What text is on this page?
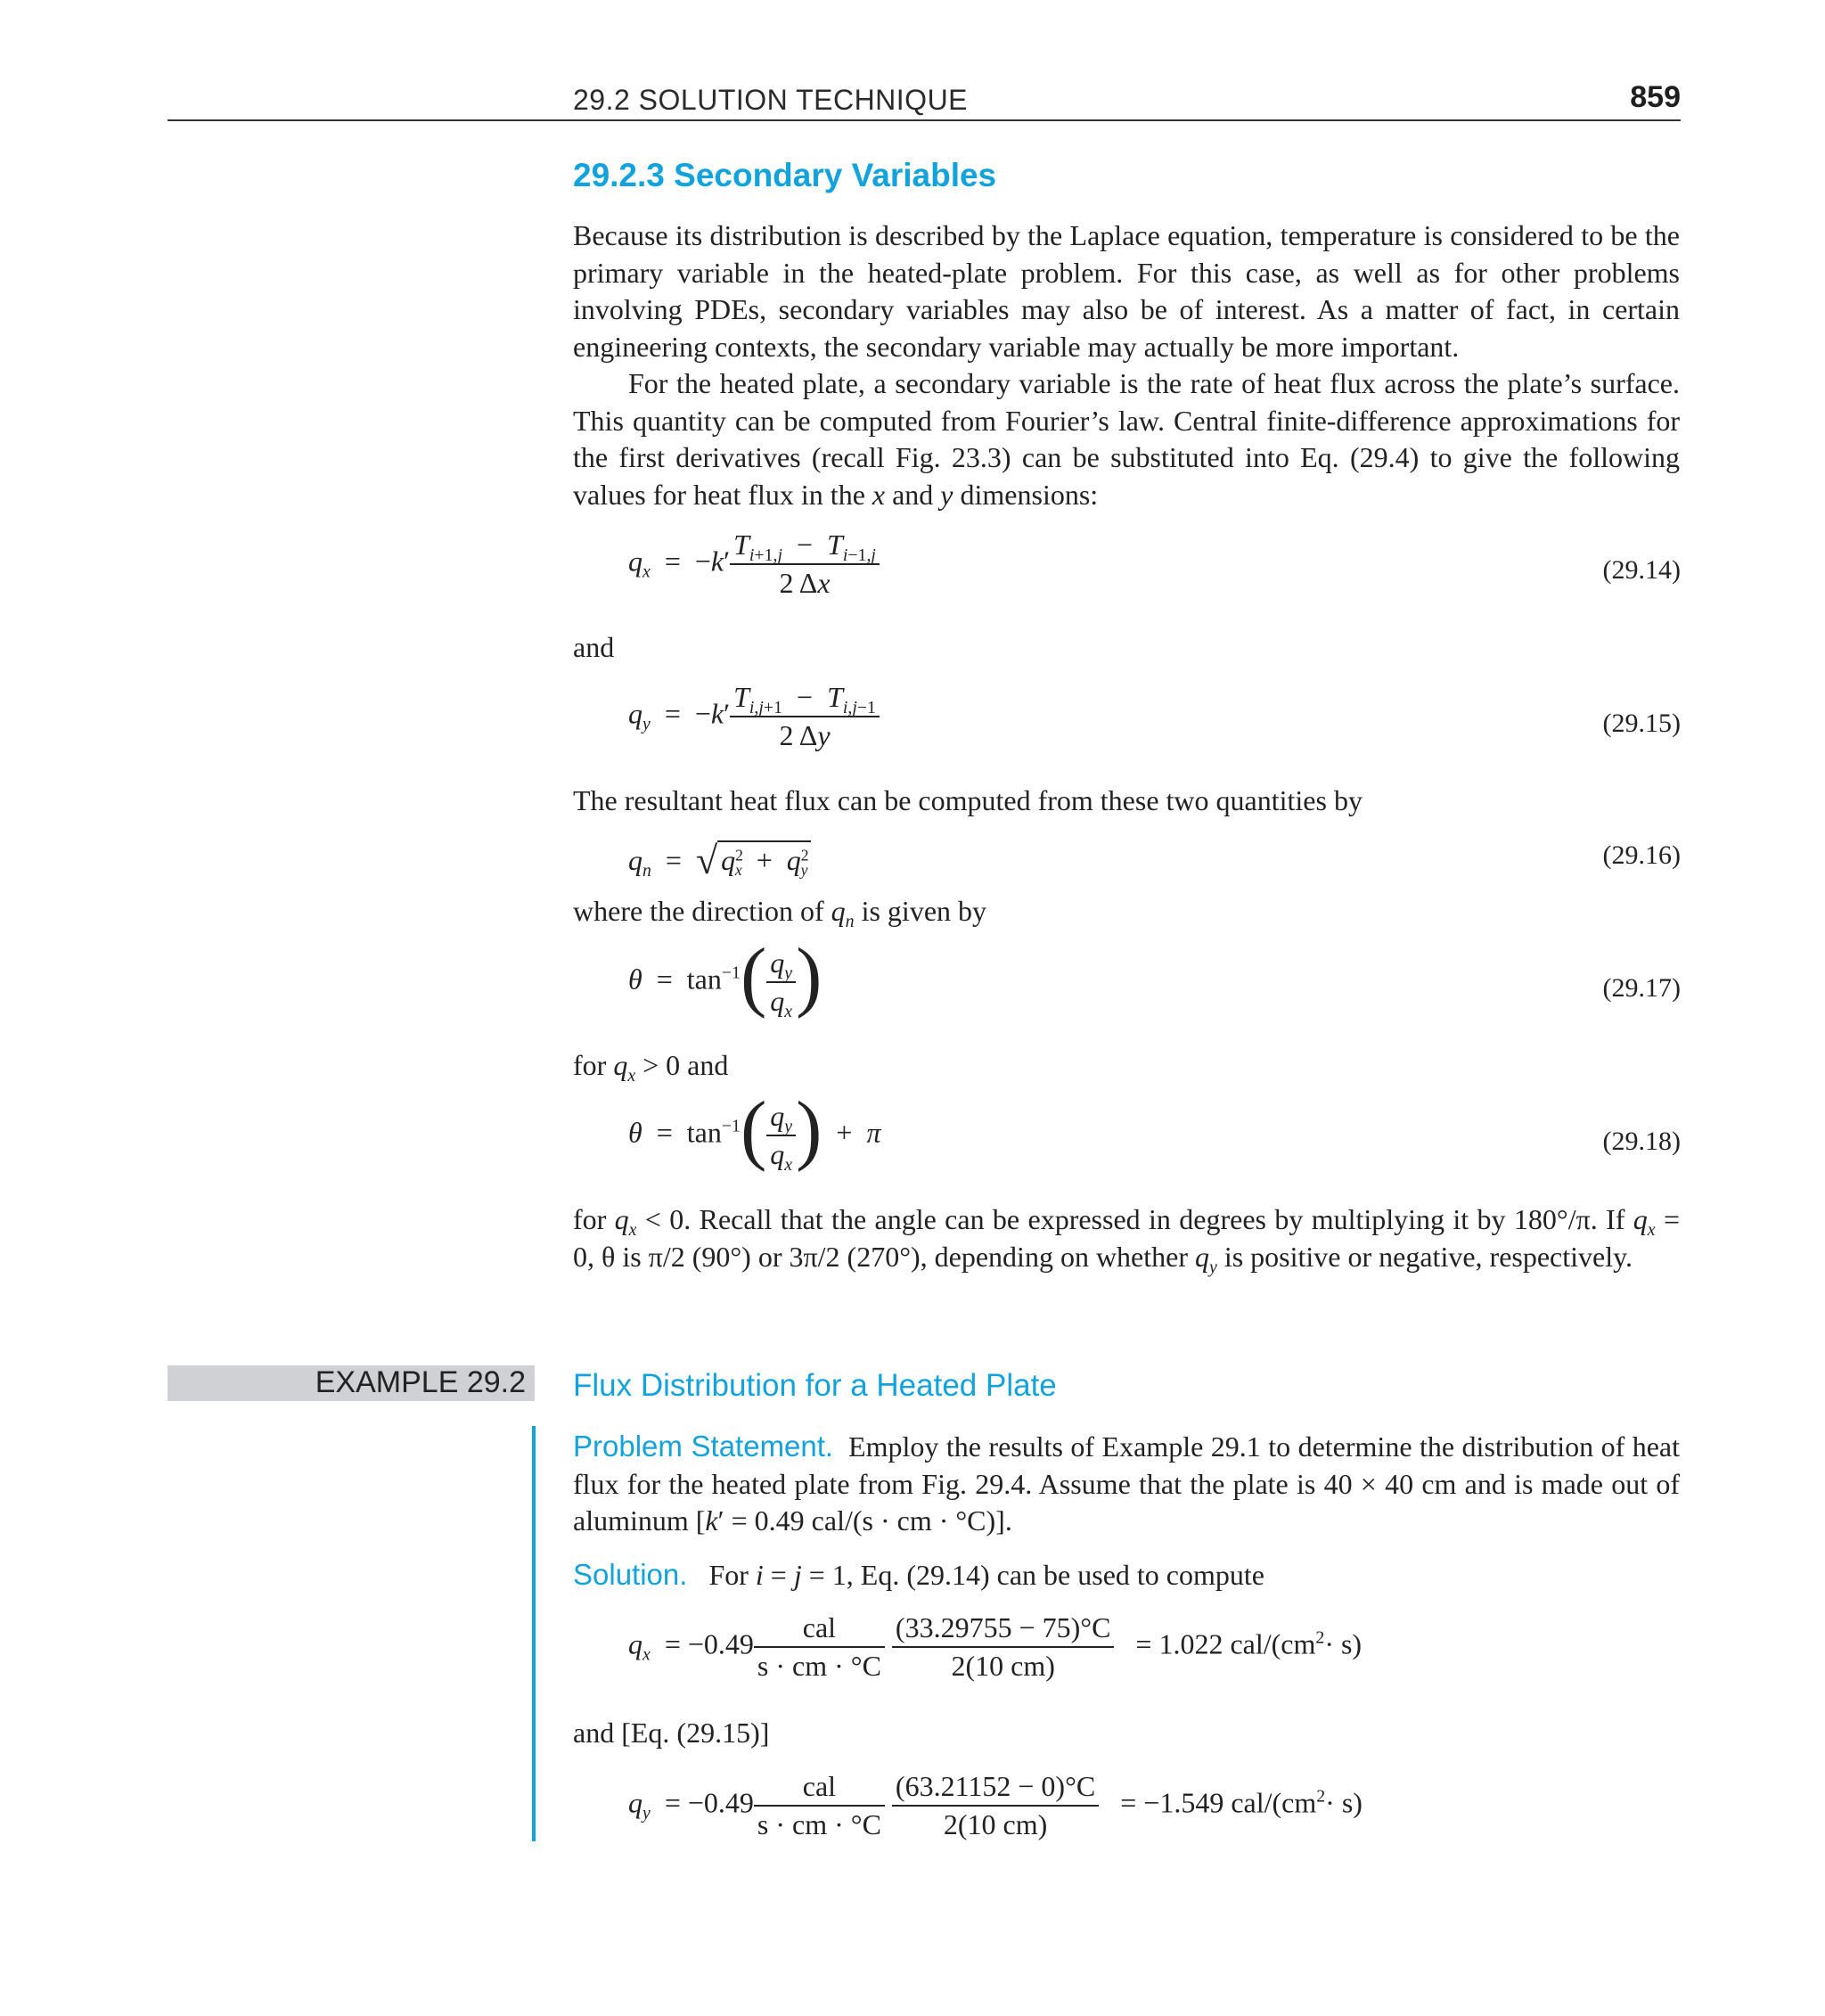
29.2 SOLUTION TECHNIQUE	859
29.2.3 Secondary Variables

Because its distribution is described by the Laplace equation, temperature is considered to be the primary variable in the heated-plate problem. For this case, as well as for other problems involving PDEs, secondary variables may also be of interest. As a matter of fact, in certain engineering contexts, the secondary variable may actually be more important.

For the heated plate, a secondary variable is the rate of heat flux across the plate’s surface. This quantity can be computed from Fourier’s law. Central finite-difference approximations for the first derivatives (recall Fig. 23.3) can be substituted into Eq. (29.4) to give the following values for heat flux in the x and y dimensions:

$q_x = -k' \frac{T_{i+1,j} - T_{i-1,j}}{2 \Delta x}$	(29.14)
and
$q_y = -k' \frac{T_{i,j+1} - T_{i,j-1}}{2 \Delta y}$	(29.15)
The resultant heat flux can be computed from these two quantities by
$q_n$  =  √ $q^2_x + q^2_y$
(29.16)
where the direction of $q_n$ is given by
$\theta = \tan^{-1}( \frac{q_y}{q_x}$ )	(29.17)
for $q_x > 0$ and
$\theta = \tan^{-1}( \frac{q_y}{q_x}$ )  +  π	(29.18)

for $q_x < 0$. Recall that the angle can be expressed in degrees by multiplying it by 180°/π. If $q_x = 0$, θ is π/2 (90°) or 3π/2 (270°), depending on whether $q_y$ is positive or negative, respectively.

EXAMPLE 29.2 Flux Distribution for a Heated Plate

Problem Statement. Employ the results of Example 29.1 to determine the distribution of heat flux for the heated plate from Fig. 29.4. Assume that the plate is 40 × 40 cm and is made out of aluminum [k′ = 0.49 cal/(s · cm · °C)].

Solution. For i = j = 1, Eq. (29.14) can be used to compute
$q_x = -0.49 \frac{\text{cal}}{s \cdot cm \cdot ^\circ C}$
$\frac{(33.29755 - 75)^\circ C}{2(10 cm)} = 1.022$ cal/$(cm^2\cdot s)$
and [Eq. (29.15)]
$q_y = -0.49 \frac{\text{cal}}{s \cdot cm \cdot ^\circ C}$
$\frac{(63.21152 - 0)^\circ C}{2(10 cm)} = -1.549$ cal/$(cm^2\cdot s)$
